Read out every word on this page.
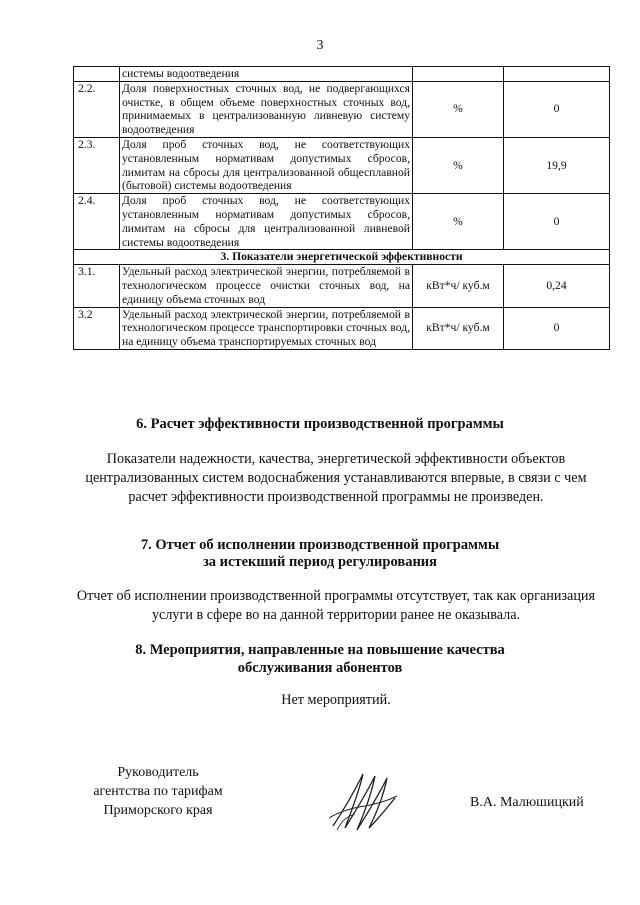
3
	системы водоотведения		
2.2.	Доля поверхностных сточных вод, не подвергающихся очистке, в общем объеме поверхностных сточных вод, принимаемых в централизованную ливневую систему водоотведения	%	0
2.3.	Доля проб сточных вод, не соответствующих установленным нормативам допустимых сбросов, лимитам на сбросы для централизованной общесплавной (бытовой) системы водоотведения	%	19,9
2.4.	Доля проб сточных вод, не соответствующих установленным нормативам допустимых сбросов, лимитам на сбросы для централизованной ливневой системы водоотведения	%	0
3. Показатели энергетической эффективности			
3.1.	Удельный расход электрической энергии, потребляемой в технологическом процессе очистки сточных вод, на единицу объема сточных вод	кВт*ч/ куб.м	0,24
3.2	Удельный расход электрической энергии, потребляемой в технологическом процессе транспортировки сточных вод, на единицу объема транспортируемых сточных вод	кВт*ч/ куб.м	0
6. Расчет эффективности производственной программы
Показатели надежности, качества, энергетической эффективности объектов централизованных систем водоснабжения устанавливаются впервые, в связи с чем расчет эффективности производственной программы не произведен.
7. Отчет об исполнении производственной программы
за истекший период регулирования
Отчет об исполнении производственной программы отсутствует, так как организация услуги в сфере во на данной территории ранее не оказывала.
8. Мероприятия, направленные на повышение качества
обслуживания абонентов
Нет мероприятий.
Руководитель
агентства по тарифам
Приморского края
В.А. Малюшицкий
